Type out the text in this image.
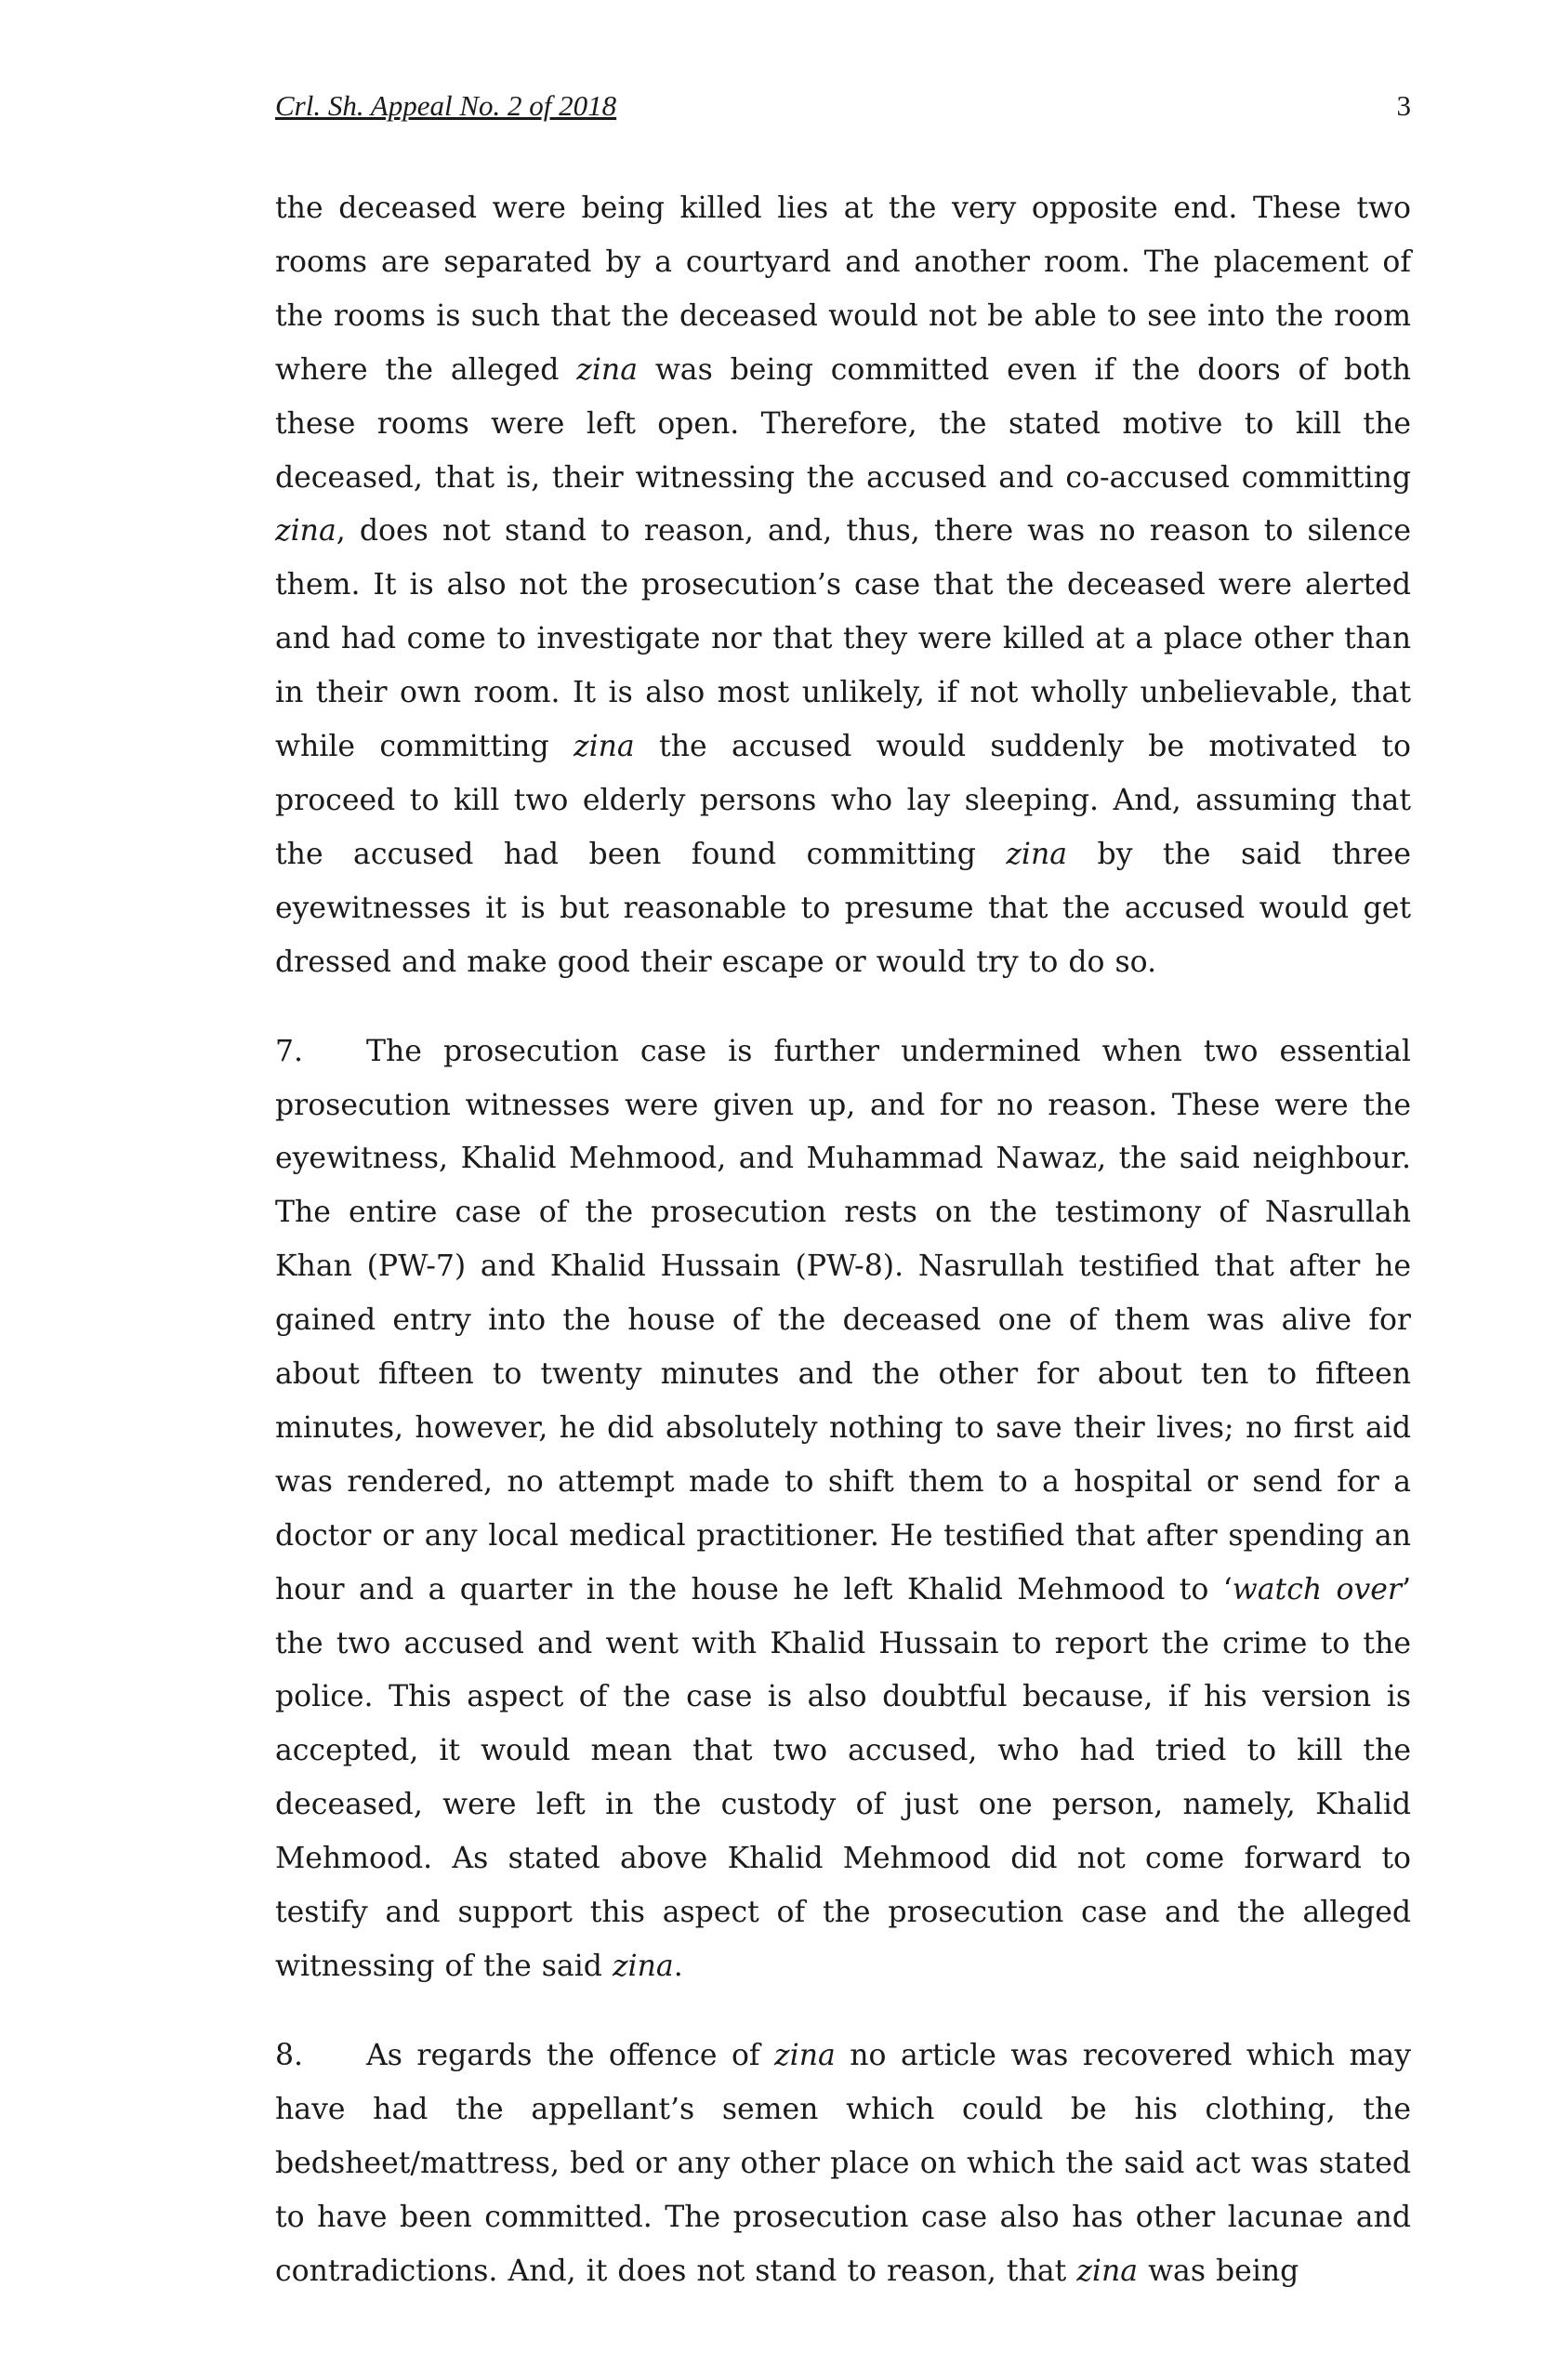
Crl. Sh. Appeal No. 2 of 2018	3

the deceased were being killed lies at the very opposite end. These two rooms are separated by a courtyard and another room. The placement of the rooms is such that the deceased would not be able to see into the room where the alleged zina was being committed even if the doors of both these rooms were left open. Therefore, the stated motive to kill the deceased, that is, their witnessing the accused and co-accused committing zina, does not stand to reason, and, thus, there was no reason to silence them. It is also not the prosecution’s case that the deceased were alerted and had come to investigate nor that they were killed at a place other than in their own room. It is also most unlikely, if not wholly unbelievable, that while committing zina the accused would suddenly be motivated to proceed to kill two elderly persons who lay sleeping. And, assuming that the accused had been found committing zina by the said three eyewitnesses it is but reasonable to presume that the accused would get dressed and make good their escape or would try to do so.

7. The prosecution case is further undermined when two essential prosecution witnesses were given up, and for no reason. These were the eyewitness, Khalid Mehmood, and Muhammad Nawaz, the said neighbour. The entire case of the prosecution rests on the testimony of Nasrullah Khan (PW-7) and Khalid Hussain (PW-8). Nasrullah testified that after he gained entry into the house of the deceased one of them was alive for about fifteen to twenty minutes and the other for about ten to fifteen minutes, however, he did absolutely nothing to save their lives; no first aid was rendered, no attempt made to shift them to a hospital or send for a doctor or any local medical practitioner. He testified that after spending an hour and a quarter in the house he left Khalid Mehmood to ‘watch over’ the two accused and went with Khalid Hussain to report the crime to the police. This aspect of the case is also doubtful because, if his version is accepted, it would mean that two accused, who had tried to kill the deceased, were left in the custody of just one person, namely, Khalid Mehmood. As stated above Khalid Mehmood did not come forward to testify and support this aspect of the prosecution case and the alleged witnessing of the said zina.

8. As regards the offence of zina no article was recovered which may have had the appellant’s semen which could be his clothing, the bedsheet/mattress, bed or any other place on which the said act was stated to have been committed. The prosecution case also has other lacunae and contradictions. And, it does not stand to reason, that zina was being
